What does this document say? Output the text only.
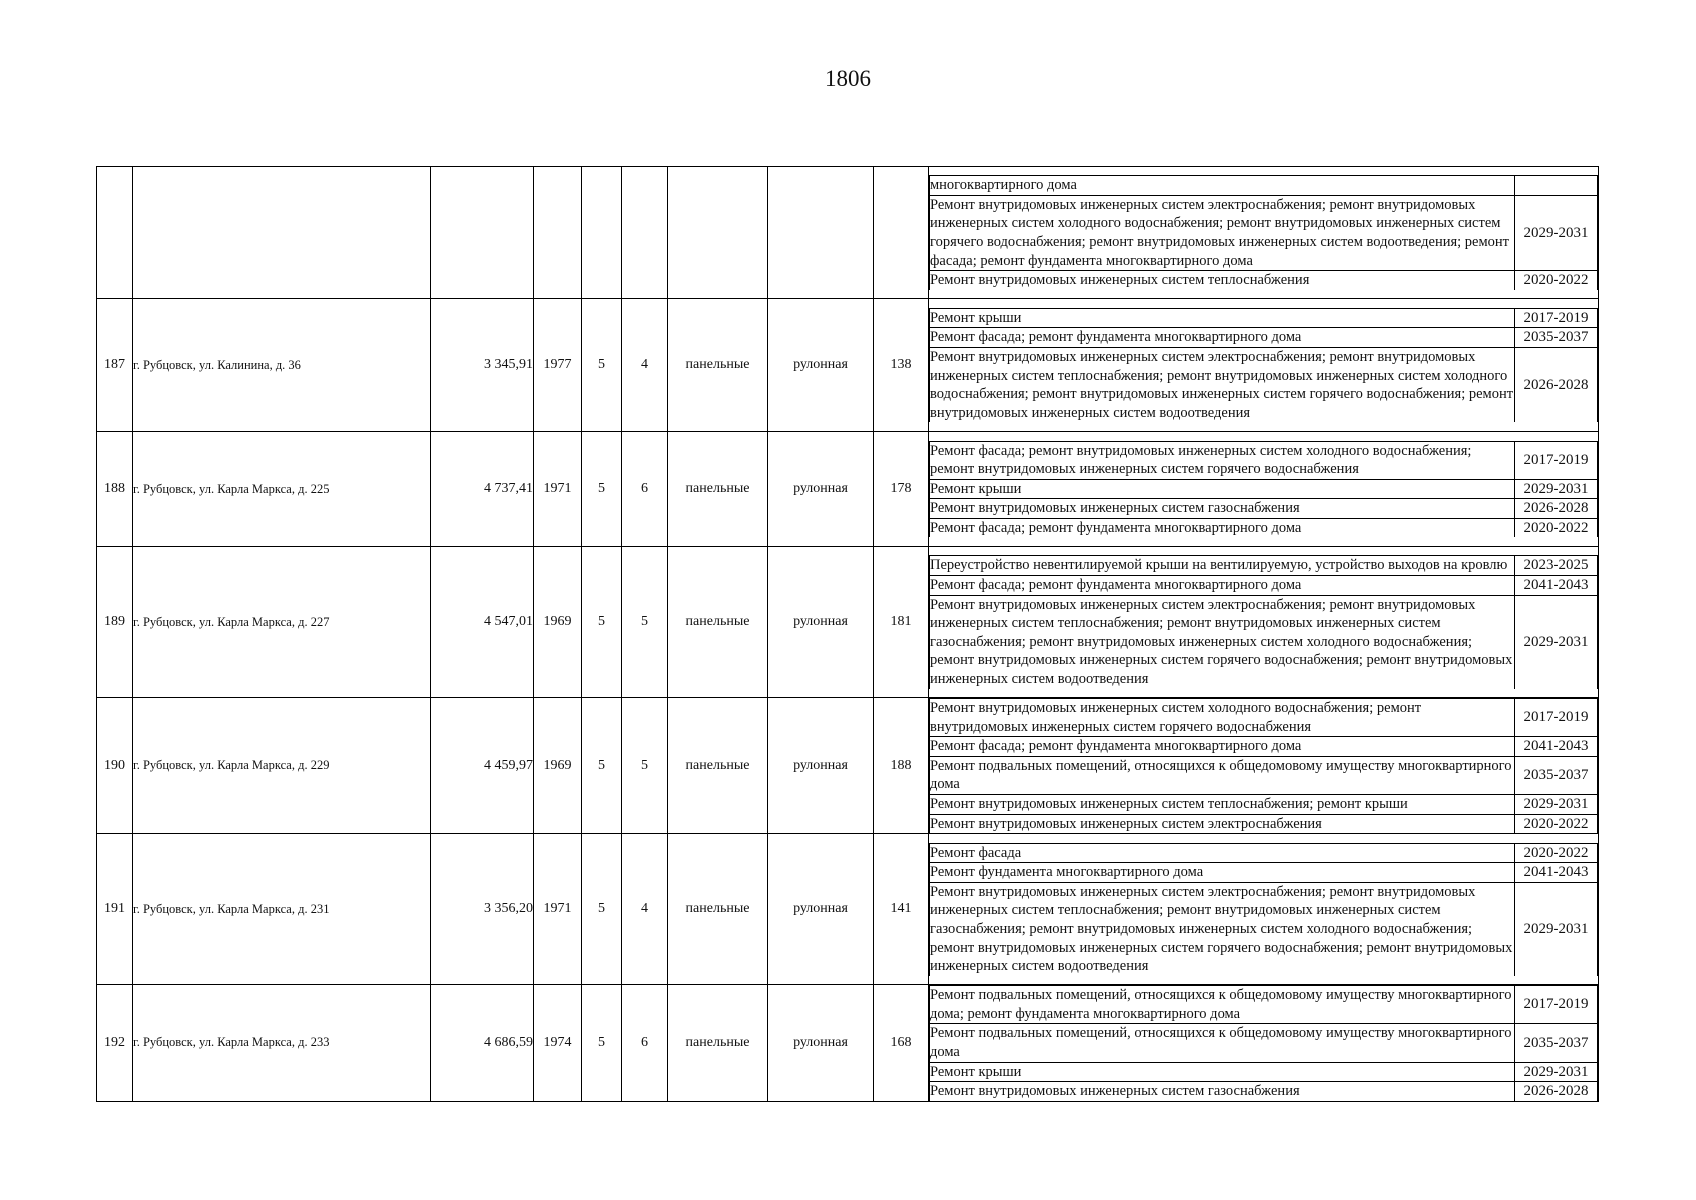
1806

многоквартирного дома	
Ремонт внутридомовых инженерных систем электроснабжения; ремонт внутридомовых инженерных систем холодного водоснабжения; ремонт внутридомовых инженерных систем горячего водоснабжения; ремонт внутридомовых инженерных систем водоотведения; ремонт фасада; ремонт фундамента многоквартирного дома	2029-2031
Ремонт внутридомовых инженерных систем теплоснабжения	2020-2022

187	г. Рубцовск, ул. Калинина, д. 36	3 345,91	1977	5	4	панельные	рулонная	138	
Ремонт крыши	2017-2019
Ремонт фасада; ремонт фундамента многоквартирного дома	2035-2037
Ремонт внутридомовых инженерных систем электроснабжения; ремонт внутридомовых инженерных систем теплоснабжения; ремонт внутридомовых инженерных систем холодного водоснабжения; ремонт внутридомовых инженерных систем горячего водоснабжения; ремонт внутридомовых инженерных систем водоотведения	2026-2028

188	г. Рубцовск, ул. Карла Маркса, д. 225	4 737,41	1971	5	6	панельные	рулонная	178	
Ремонт фасада; ремонт внутридомовых инженерных систем холодного водоснабжения; ремонт внутридомовых инженерных систем горячего водоснабжения	2017-2019
Ремонт крыши	2029-2031
Ремонт внутридомовых инженерных систем газоснабжения	2026-2028
Ремонт фасада; ремонт фундамента многоквартирного дома	2020-2022

189	г. Рубцовск, ул. Карла Маркса, д. 227	4 547,01	1969	5	5	панельные	рулонная	181	
Переустройство невентилируемой крыши на вентилируемую, устройство выходов на кровлю	2023-2025
Ремонт фасада; ремонт фундамента многоквартирного дома	2041-2043
Ремонт внутридомовых инженерных систем электроснабжения; ремонт внутридомовых инженерных систем теплоснабжения; ремонт внутридомовых инженерных систем газоснабжения; ремонт внутридомовых инженерных систем холодного водоснабжения; ремонт внутридомовых инженерных систем горячего водоснабжения; ремонт внутридомовых инженерных систем водоотведения	2029-2031

190	г. Рубцовск, ул. Карла Маркса, д. 229	4 459,97	1969	5	5	панельные	рулонная	188	
Ремонт внутридомовых инженерных систем холодного водоснабжения; ремонт внутридомовых инженерных систем горячего водоснабжения	2017-2019
Ремонт фасада; ремонт фундамента многоквартирного дома	2041-2043
Ремонт подвальных помещений, относящихся к общедомовому имуществу многоквартирного дома	2035-2037
Ремонт внутридомовых инженерных систем теплоснабжения; ремонт крыши	2029-2031
Ремонт внутридомовых инженерных систем электроснабжения	2020-2022

191	г. Рубцовск, ул. Карла Маркса, д. 231	3 356,20	1971	5	4	панельные	рулонная	141	
Ремонт фасада	2020-2022
Ремонт фундамента многоквартирного дома	2041-2043
Ремонт внутридомовых инженерных систем электроснабжения; ремонт внутридомовых инженерных систем теплоснабжения; ремонт внутридомовых инженерных систем газоснабжения; ремонт внутридомовых инженерных систем холодного водоснабжения; ремонт внутридомовых инженерных систем горячего водоснабжения; ремонт внутридомовых инженерных систем водоотведения	2029-2031

192	г. Рубцовск, ул. Карла Маркса, д. 233	4 686,59	1974	5	6	панельные	рулонная	168	
Ремонт подвальных помещений, относящихся к общедомовому имуществу многоквартирного дома; ремонт фундамента многоквартирного дома	2017-2019
Ремонт подвальных помещений, относящихся к общедомовому имуществу многоквартирного дома	2035-2037
Ремонт крыши	2029-2031
Ремонт внутридомовых инженерных систем газоснабжения	2026-2028
